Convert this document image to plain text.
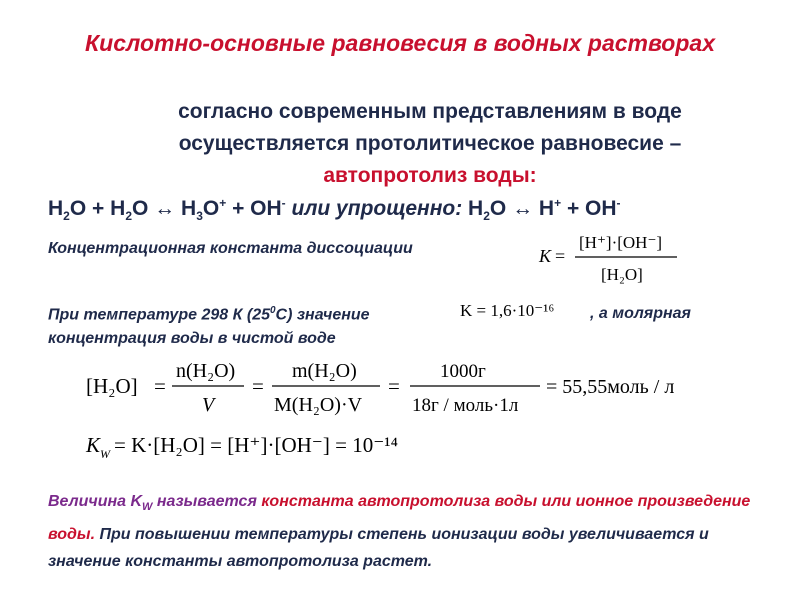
Кислотно-основные равновесия в водных растворах
согласно современным представлениям в воде
осуществляется протолитическое равновесие –
автопротолиз воды:
$H_2O + H_2O$ ↔ $H_3O^+ + OH^-$ или упрощенно: $H_2O$ ↔ H+ + OH-
Концентрационная константа диссоциации	K =
[H⁺]·[OH⁻]
[H₂O]
При температуре 298 К $(25^0С)$ значение	K = 1,6·10⁻¹⁶ , а молярная
концентрация воды в чистой воде
[H₂O] =
n(H₂O)
V
=
m(H₂O)
M(H₂O)·V
=
1000г
18г / моль·1л
= 55,55моль / л
K W = K·[H₂O] = [H⁺]·[OH⁻] = 10⁻¹⁴
Величина $K_W$ называется константа автопротолиза воды или ионное произведение воды. При повышении температуры степень ионизации воды увеличивается и значение константы автопротолиза растет.
